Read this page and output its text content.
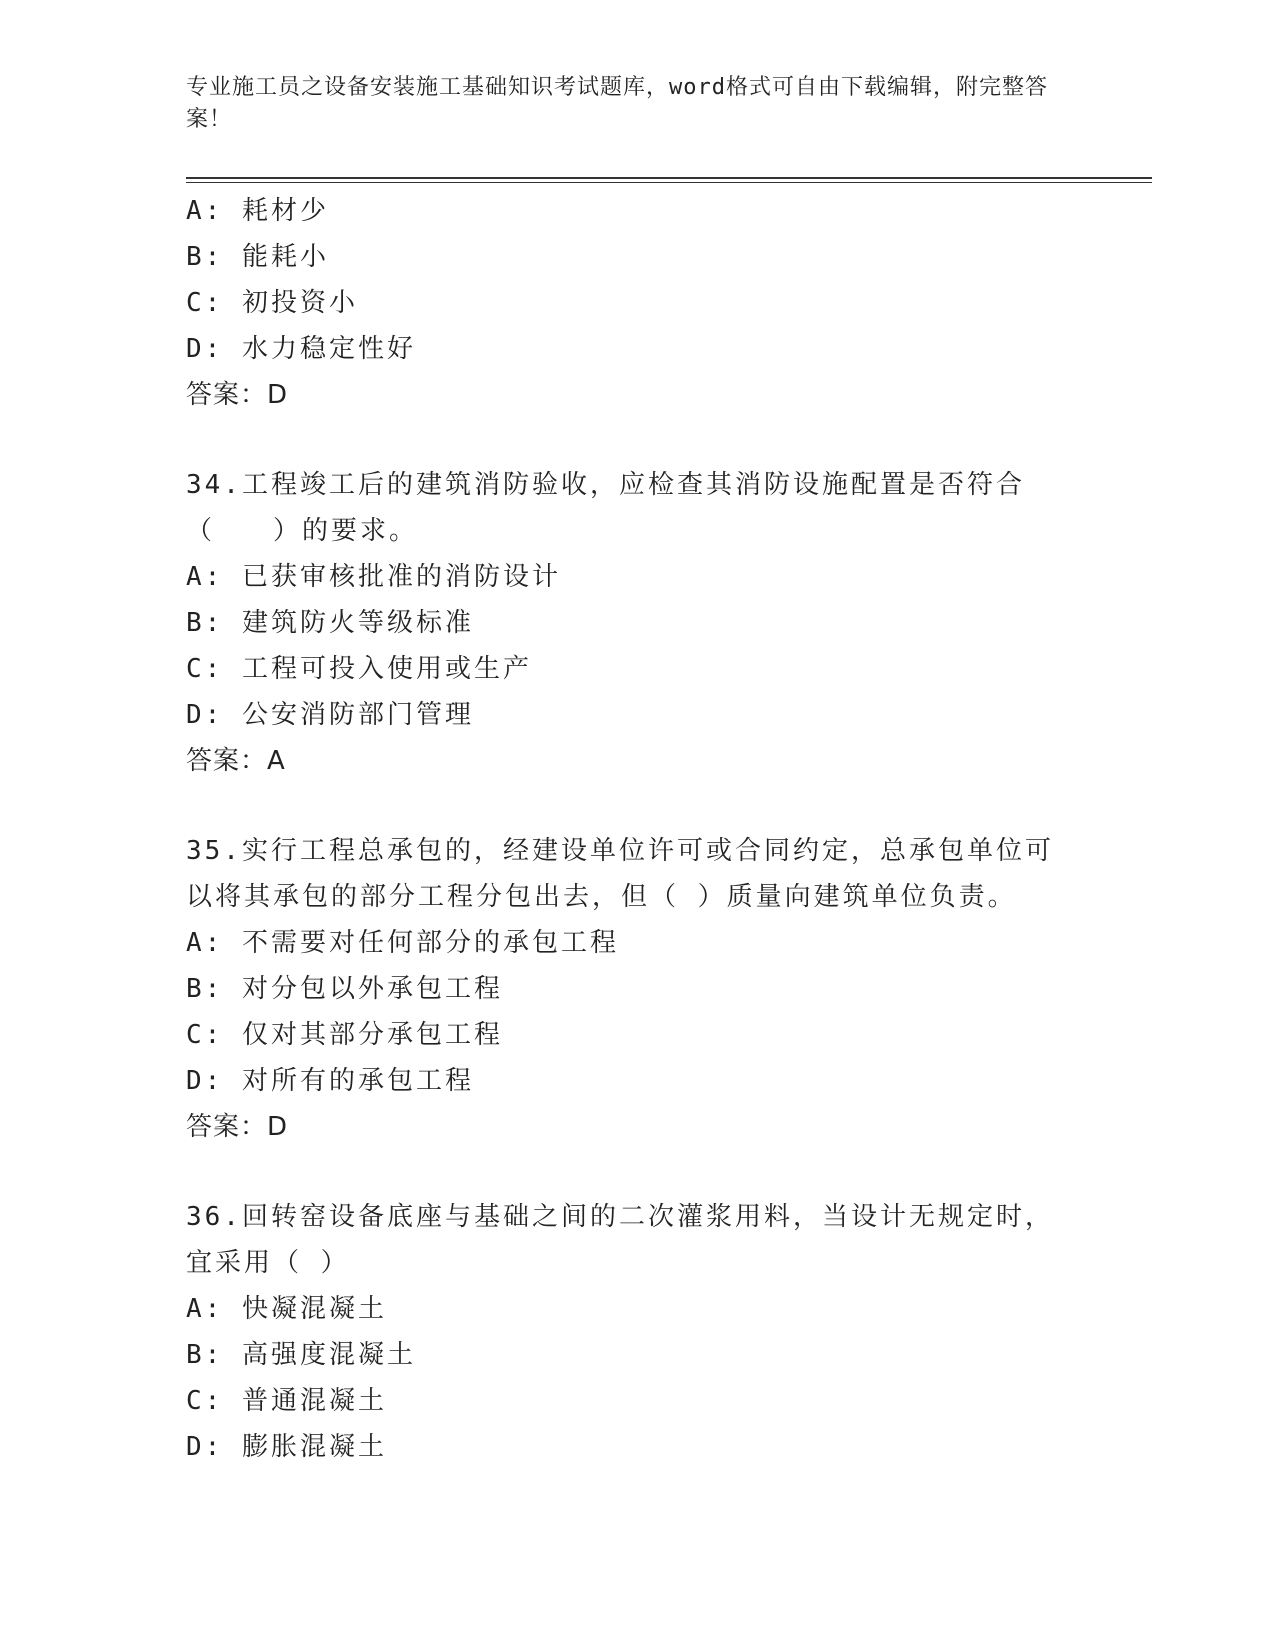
专业施工员之设备安装施工基础知识考试题库，word格式可自由下载编辑，附完整答案！
A: 耗材少
B: 能耗小
C: 初投资小
D: 水力稳定性好
答案：D
34.工程竣工后的建筑消防验收，应检查其消防设施配置是否符合（　　）的要求。
A: 已获审核批准的消防设计
B: 建筑防火等级标准
C: 工程可投入使用或生产
D: 公安消防部门管理
答案：A
35.实行工程总承包的，经建设单位许可或合同约定，总承包单位可以将其承包的部分工程分包出去，但（ ）质量向建筑单位负责。
A: 不需要对任何部分的承包工程
B: 对分包以外承包工程
C: 仅对其部分承包工程
D: 对所有的承包工程
答案：D
36.回转窑设备底座与基础之间的二次灌浆用料，当设计无规定时，宜采用（ ）
A: 快凝混凝土
B: 高强度混凝土
C: 普通混凝土
D: 膨胀混凝土
